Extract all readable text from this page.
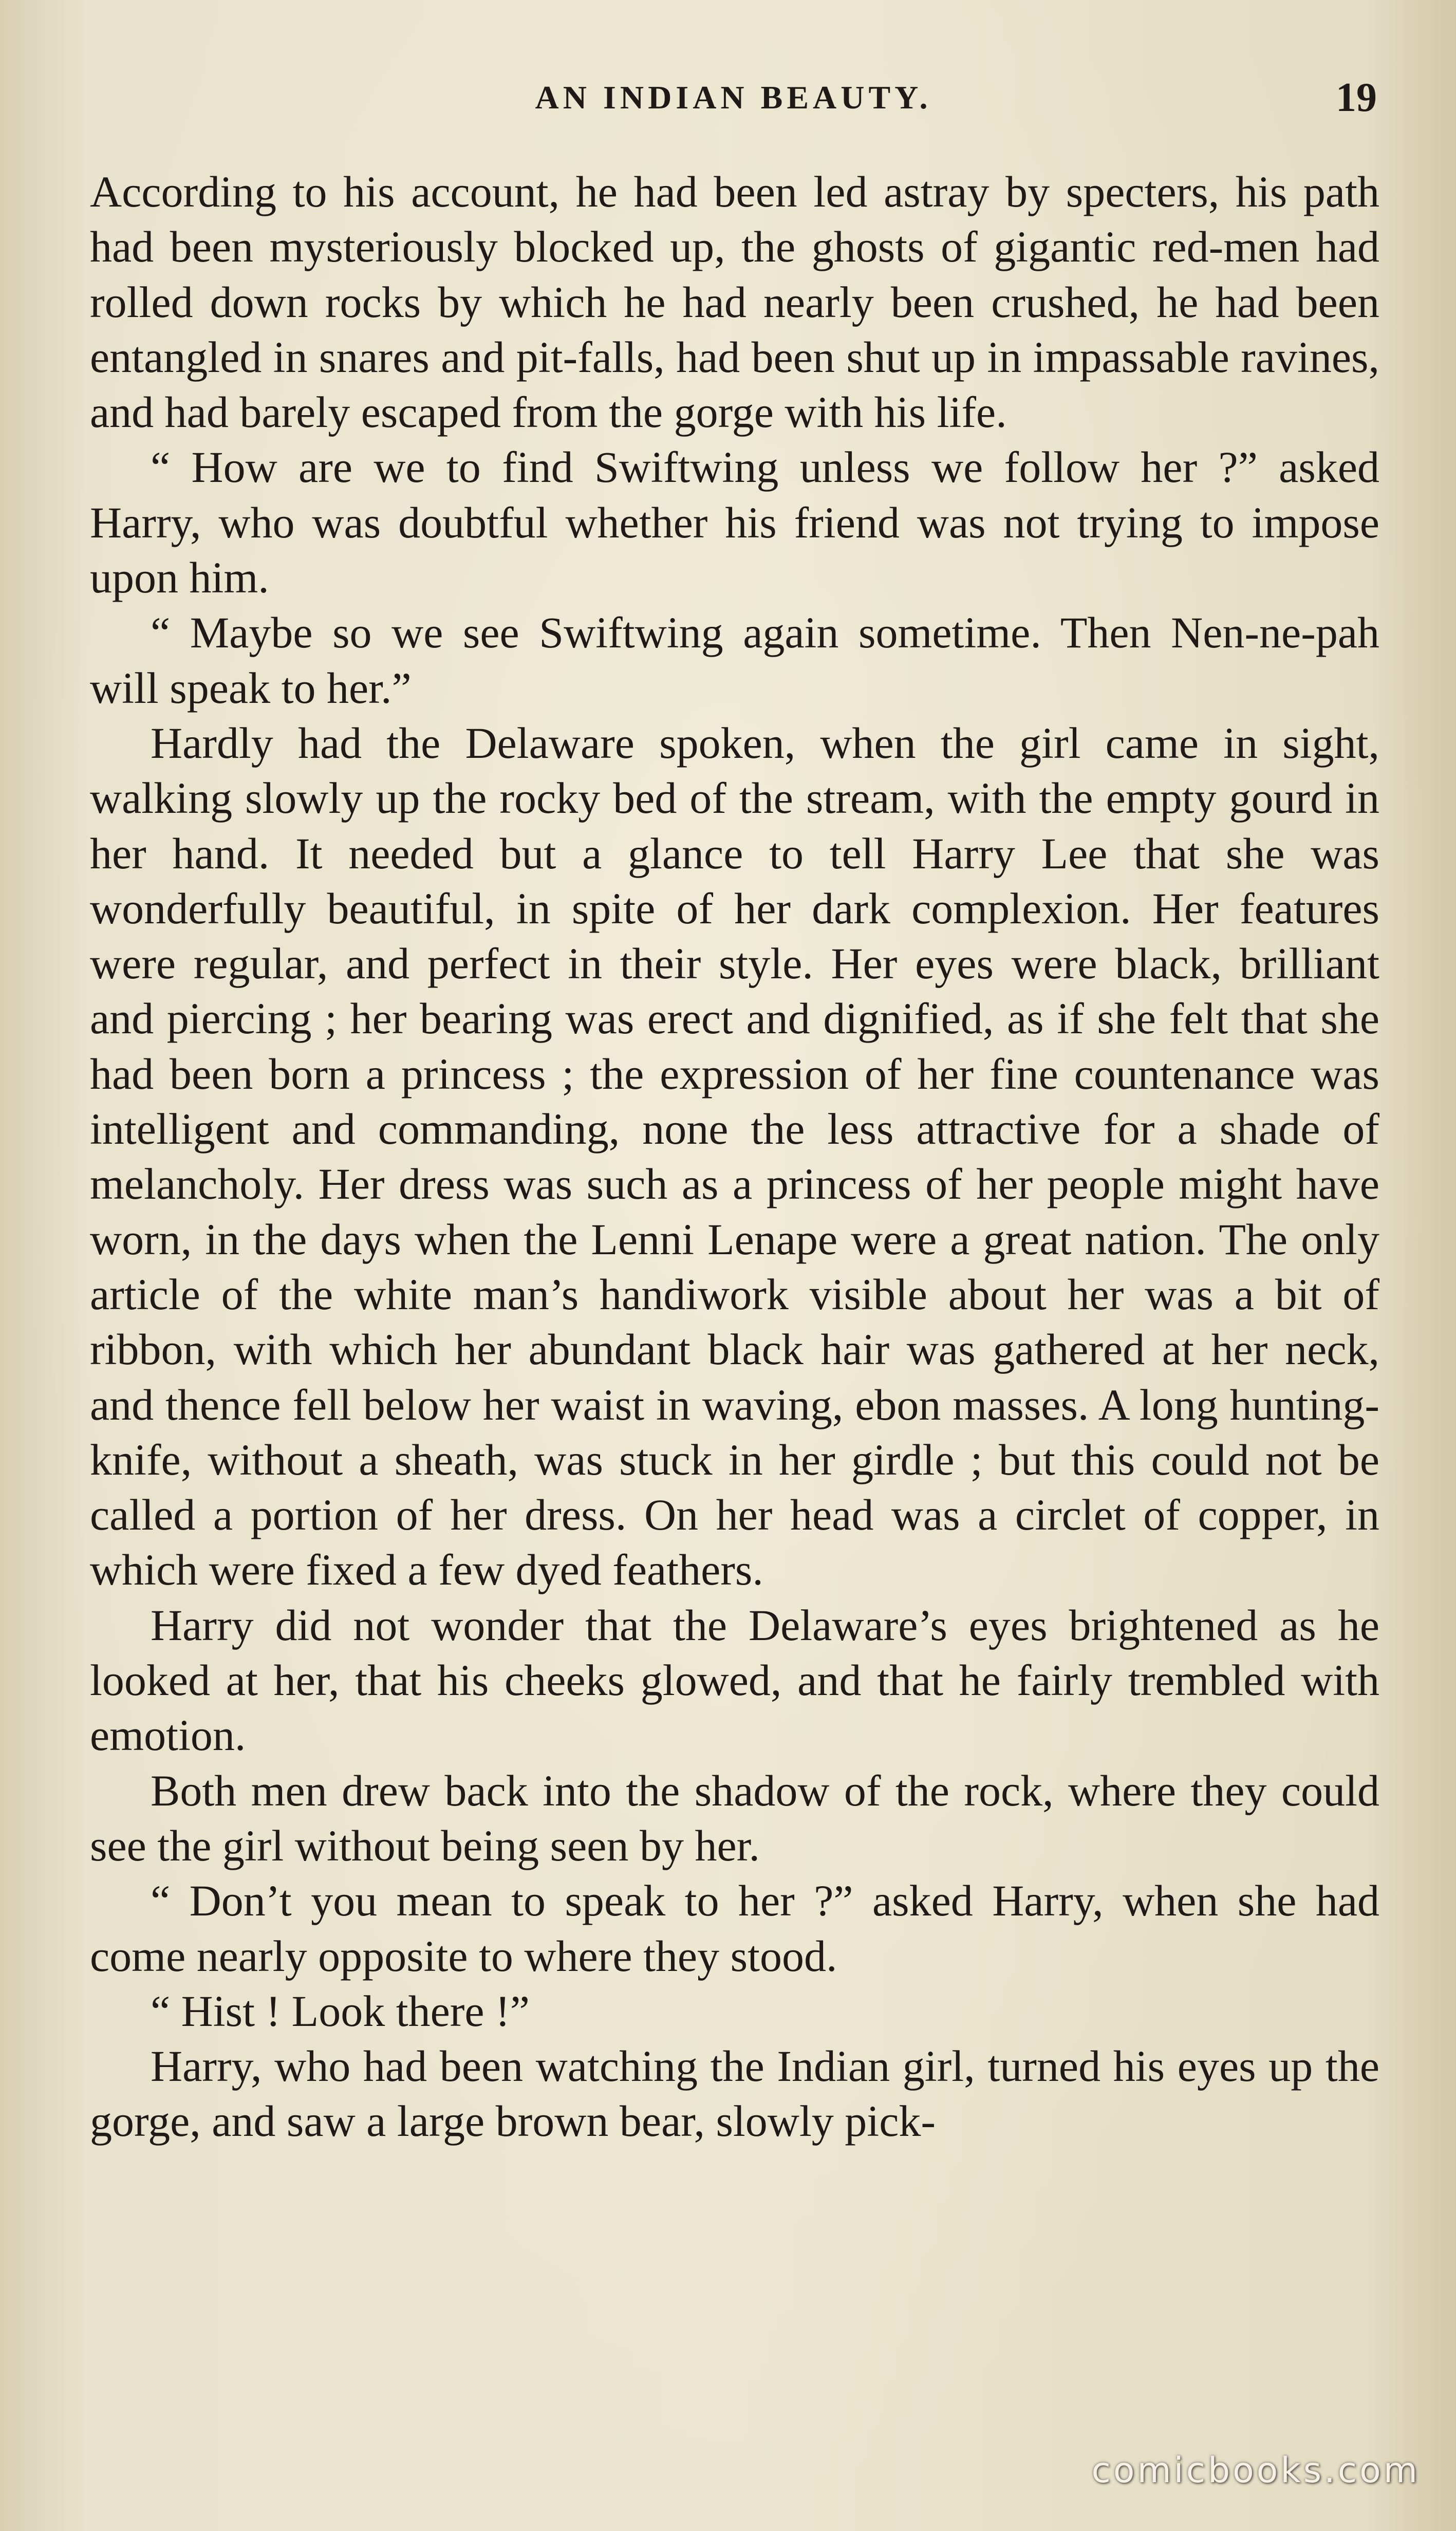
AN INDIAN BEAUTY.	19

According to his account, he had been led astray by specters, his path had been mysteriously blocked up, the ghosts of gigantic red-men had rolled down rocks by which he had nearly been crushed, he had been entangled in snares and pit-falls, had been shut up in impassable ravines, and had barely escaped from the gorge with his life.

“ How are we to find Swiftwing unless we follow her ?” asked Harry, who was doubtful whether his friend was not trying to impose upon him.

“ Maybe so we see Swiftwing again sometime. Then Nen-ne-pah will speak to her.”

Hardly had the Delaware spoken, when the girl came in sight, walking slowly up the rocky bed of the stream, with the empty gourd in her hand. It needed but a glance to tell Harry Lee that she was wonderfully beautiful, in spite of her dark complexion. Her features were regular, and perfect in their style. Her eyes were black, brilliant and piercing ; her bearing was erect and dignified, as if she felt that she had been born a princess ; the expression of her fine countenance was intelligent and commanding, none the less attractive for a shade of melancholy. Her dress was such as a princess of her people might have worn, in the days when the Lenni Lenape were a great nation. The only article of the white man’s handiwork visible about her was a bit of ribbon, with which her abundant black hair was gathered at her neck, and thence fell below her waist in waving, ebon masses. A long hunting-knife, without a sheath, was stuck in her girdle ; but this could not be called a portion of her dress. On her head was a circlet of copper, in which were fixed a few dyed feathers.

Harry did not wonder that the Delaware’s eyes brightened as he looked at her, that his cheeks glowed, and that he fairly trembled with emotion.

Both men drew back into the shadow of the rock, where they could see the girl without being seen by her.

“ Don’t you mean to speak to her ?” asked Harry, when she had come nearly opposite to where they stood.

“ Hist ! Look there !”

Harry, who had been watching the Indian girl, turned his eyes up the gorge, and saw a large brown bear, slowly pick-

comicbooks.com
